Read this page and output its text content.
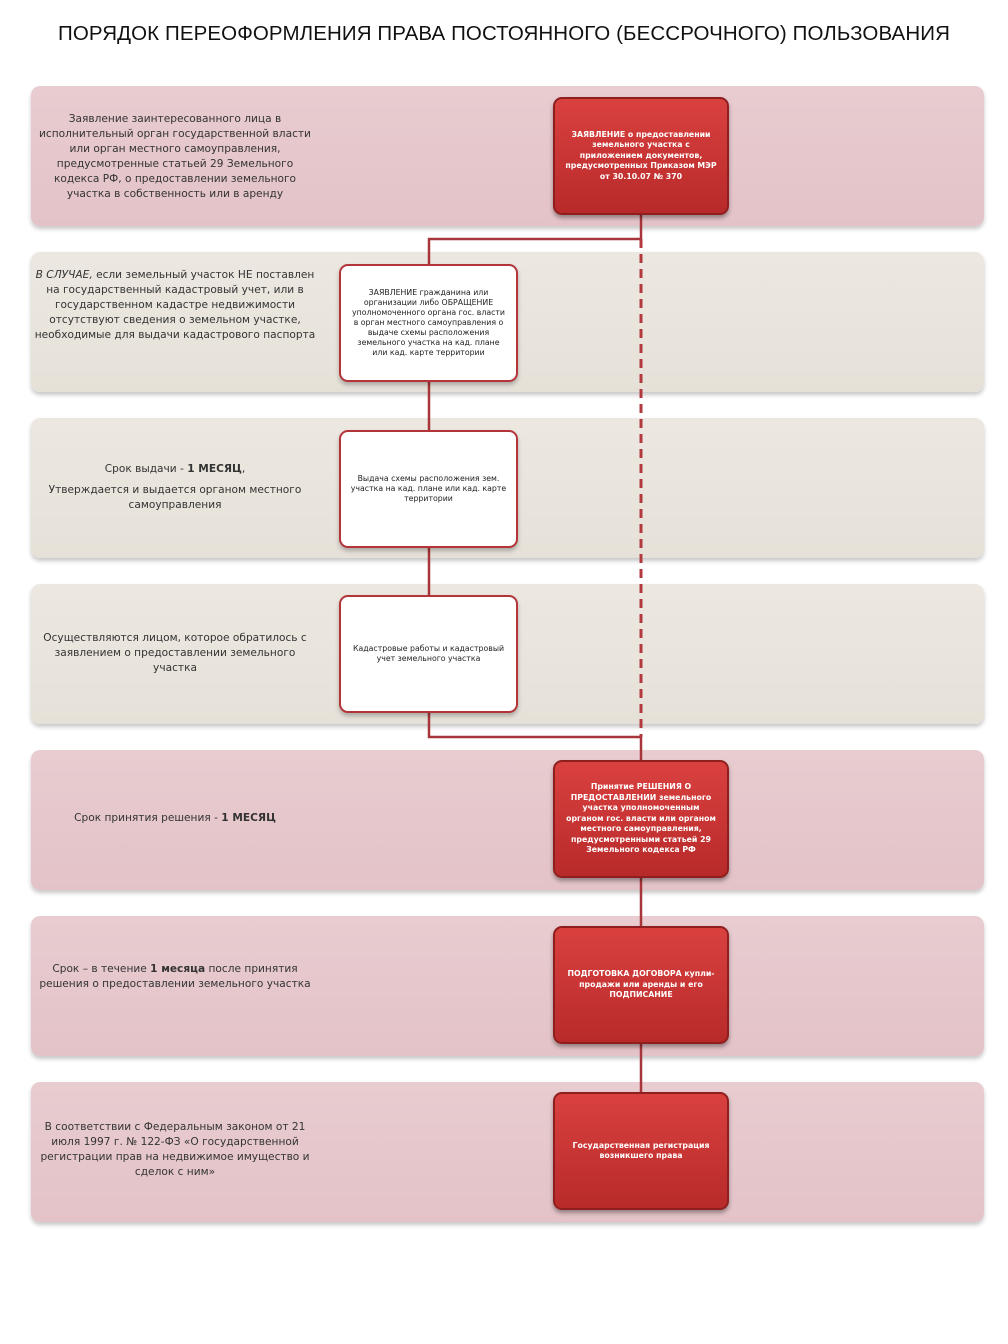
ПОРЯДОК ПЕРЕОФОРМЛЕНИЯ ПРАВА ПОСТОЯННОГО (БЕССРОЧНОГО) ПОЛЬЗОВАНИЯ
Заявление заинтересованного лица в исполнительный орган государственной власти или орган местного самоуправления, предусмотренные статьей 29 Земельного кодекса РФ, о предоставлении земельного участка в собственность или в аренду
ЗАЯВЛЕНИЕ о предоставлении земельного участка с приложением документов, предусмотренных Приказом МЭР от 30.10.07 № 370
В СЛУЧАЕ, если земельный участок НЕ поставлен на государственный кадастровый учет, или в государственном кадастре недвижимости отсутствуют сведения о земельном участке, необходимые для выдачи кадастрового паспорта
ЗАЯВЛЕНИЕ гражданина или организации либо ОБРАЩЕНИЕ уполномоченного органа гос. власти в орган местного самоуправления о выдаче схемы расположения земельного участка на кад. плане или кад. карте территории
Срок выдачи - 1 МЕСЯЦ,
Утверждается и выдается органом местного самоуправления
Выдача схемы расположения зем. участка на кад. плане или кад. карте территории
Осуществляются лицом, которое обратилось с заявлением о предоставлении земельного участка
Кадастровые работы и кадастровый учет земельного участка
Срок принятия решения - 1 МЕСЯЦ
Принятие РЕШЕНИЯ О ПРЕДОСТАВЛЕНИИ земельного участка уполномоченным органом гос. власти или органом местного самоуправления, предусмотренными статьей 29 Земельного кодекса РФ
Срок – в течение 1 месяца после принятия решения о предоставлении земельного участка
ПОДГОТОВКА ДОГОВОРА купли-продажи или аренды и его ПОДПИСАНИЕ
В соответствии с Федеральным законом от 21 июля 1997 г. № 122-ФЗ «О государственной регистрации прав на недвижимое имущество и сделок с ним»
Государственная регистрация возникшего права
